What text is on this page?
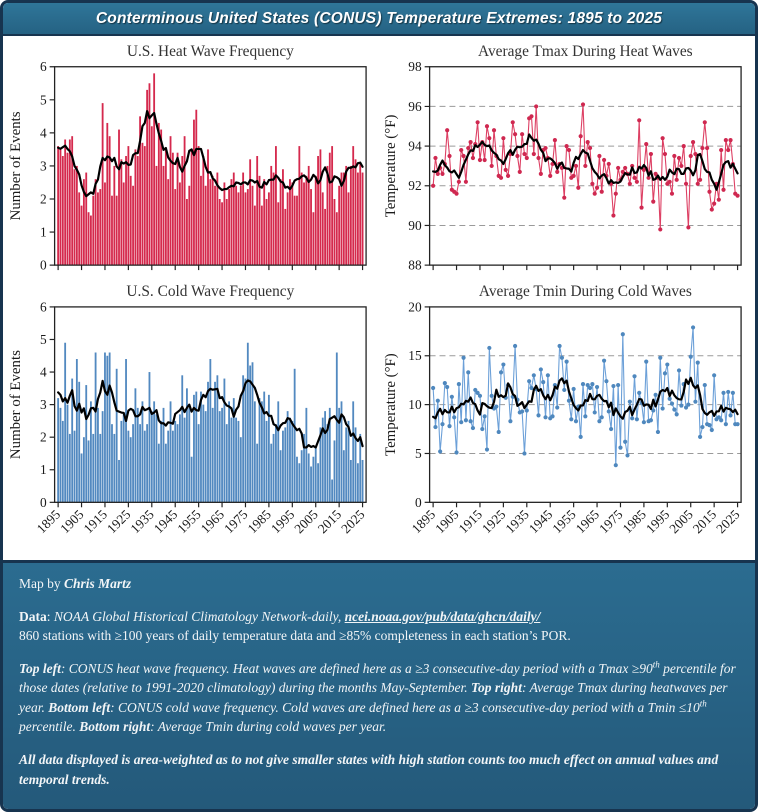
Conterminous United States (CONUS) Temperature Extremes: 1895 to 2025
0
1
2
3
4
5
6
U.S. Heat Wave Frequency
Number of Events
88
90
92
94
96
98
Average Tmax During Heat Waves
Temperature (°F)
0
1
2
3
4
5
6
1895
1905
1915
1925
1935
1945
1955
1965
1975
1985
1995
2005
2015
2025
U.S. Cold Wave Frequency
Number of Events
0
5
10
15
20
1895
1905
1915
1925
1935
1945
1955
1965
1975
1985
1995
2005
2015
2025
Average Tmin During Cold Waves
Temperature (°F)

Map by Chris Martz

Data: NOAA Global Historical Climatology Network-daily, ncei.noaa.gov/pub/data/ghcn/daily/
860 stations with ≥100 years of daily temperature data and ≥85% completeness in each station’s POR.

Top left: CONUS heat wave frequency. Heat waves are defined here as a ≥3 consecutive-day period with a Tmax ≥90th percentile for those dates (relative to 1991-2020 climatology) during the months May-September. Top right: Average Tmax during heatwaves per year. Bottom left: CONUS cold wave frequency. Cold waves are defined here as a ≥3 consecutive-day period with a Tmin ≤10th percentile. Bottom right: Average Tmin during cold waves per year.

All data displayed is area-weighted as to not give smaller states with high station counts too much effect on annual values and temporal trends.
